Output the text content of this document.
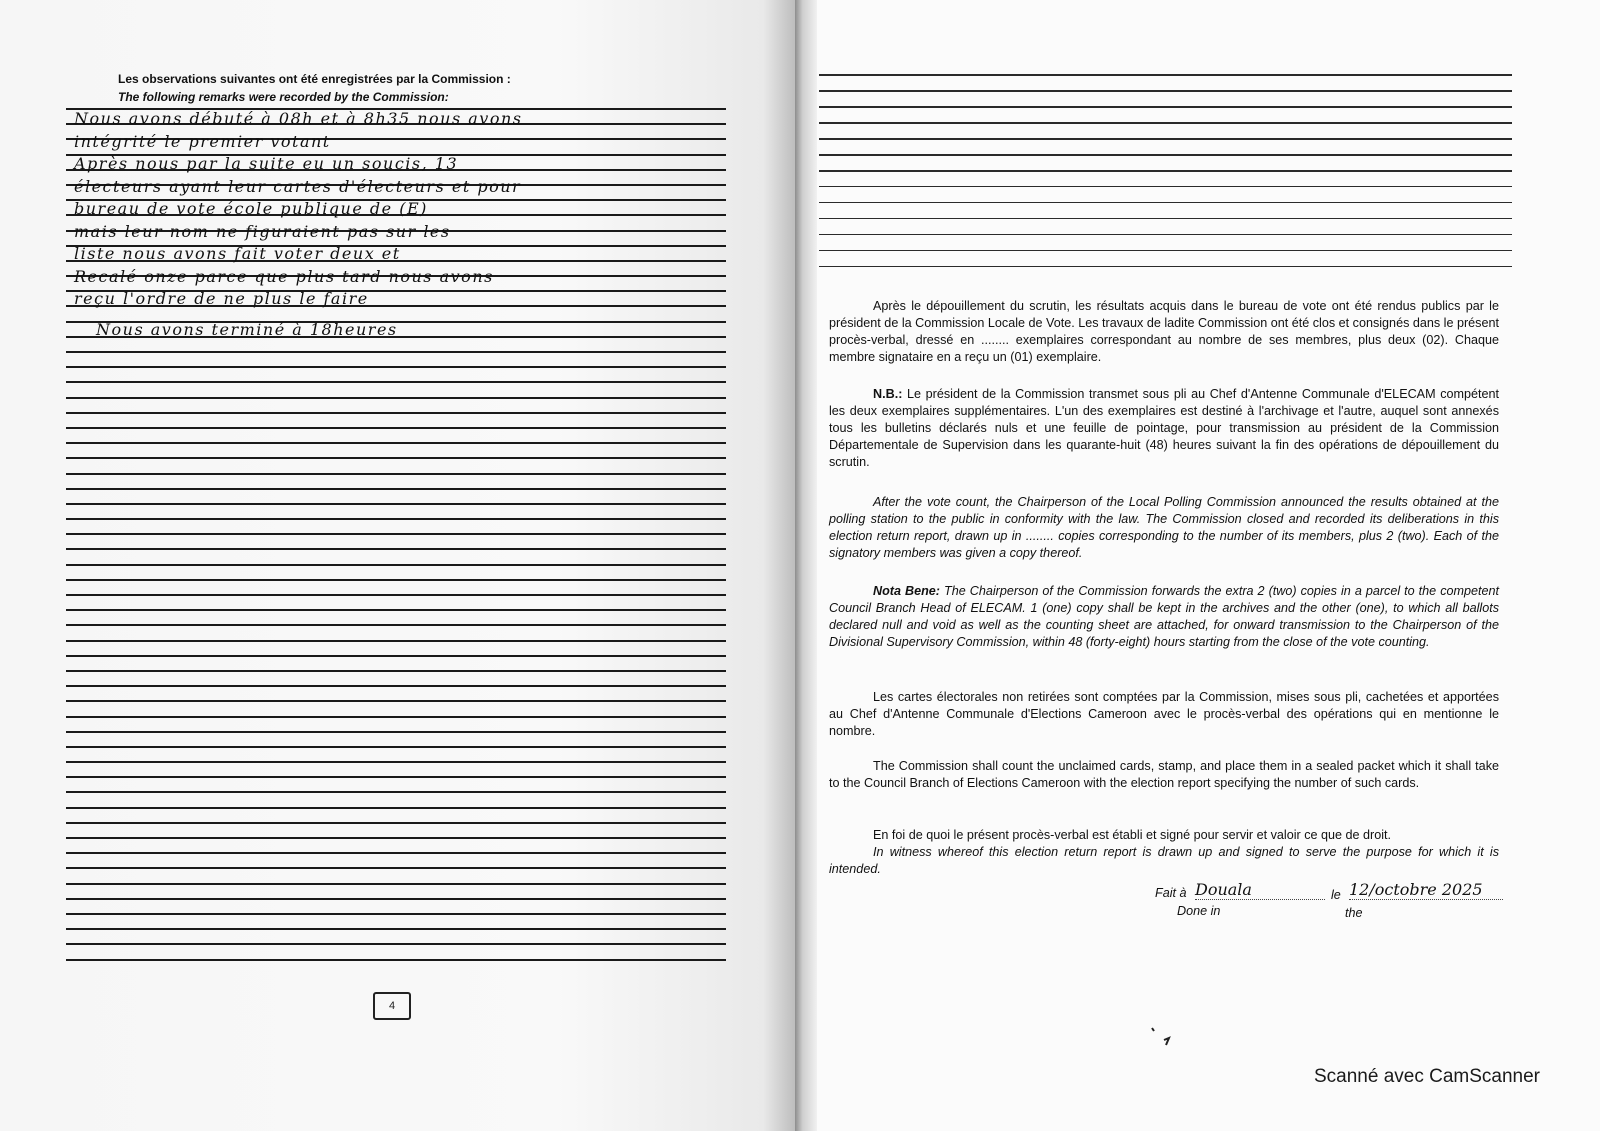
Les observations suivantes ont été enregistrées par la Commission :
The following remarks were recorded by the Commission:
Nous avons débuté à 08h et à 8h35 nous avons
intégrité le premier votant
Après nous par la suite eu un soucis, 13
électeurs ayant leur cartes d'électeurs et pour
bureau de vote école publique de (E)
mais leur nom ne figuraient pas sur les
liste nous avons fait voter deux et
Recalé onze parce que plus tard nous avons
reçu l'ordre de ne plus le faire
Nous avons terminé à 18heures
4
Après le dépouillement du scrutin, les résultats acquis dans le bureau de vote ont été rendus publics par le président de la Commission Locale de Vote. Les travaux de ladite Commission ont été clos et consignés dans le présent procès-verbal, dressé en ........ exemplaires correspondant au nombre de ses membres, plus deux (02). Chaque membre signataire en a reçu un (01) exemplaire.
N.B.: Le président de la Commission transmet sous pli au Chef d'Antenne Communale d'ELECAM compétent les deux exemplaires supplémentaires. L'un des exemplaires est destiné à l'archivage et l'autre, auquel sont annexés tous les bulletins déclarés nuls et une feuille de pointage, pour transmission au président de la Commission Départementale de Supervision dans les quarante-huit (48) heures suivant la fin des opérations de dépouillement du scrutin.
After the vote count, the Chairperson of the Local Polling Commission announced the results obtained at the polling station to the public in conformity with the law. The Commission closed and recorded its deliberations in this election return report, drawn up in ........ copies corresponding to the number of its members, plus 2 (two). Each of the signatory members was given a copy thereof.
Nota Bene: The Chairperson of the Commission forwards the extra 2 (two) copies in a parcel to the competent Council Branch Head of ELECAM. 1 (one) copy shall be kept in the archives and the other (one), to which all ballots declared null and void as well as the counting sheet are attached, for onward transmission to the Chairperson of the Divisional Supervisory Commission, within 48 (forty-eight) hours starting from the close of the vote counting.
Les cartes électorales non retirées sont comptées par la Commission, mises sous pli, cachetées et apportées au Chef d'Antenne Communale d'Elections Cameroon avec le procès-verbal des opérations qui en mentionne le nombre.
The Commission shall count the unclaimed cards, stamp, and place them in a sealed packet which it shall take to the Council Branch of Elections Cameroon with the election report specifying the number of such cards.
En foi de quoi le présent procès-verbal est établi et signé pour servir et valoir ce que de droit.
In witness whereof this election return report is drawn up and signed to serve the purpose for which it is intended.
Fait à Douala
Done in
le 12/octobre 2025
the
Scanné avec CamScanner
